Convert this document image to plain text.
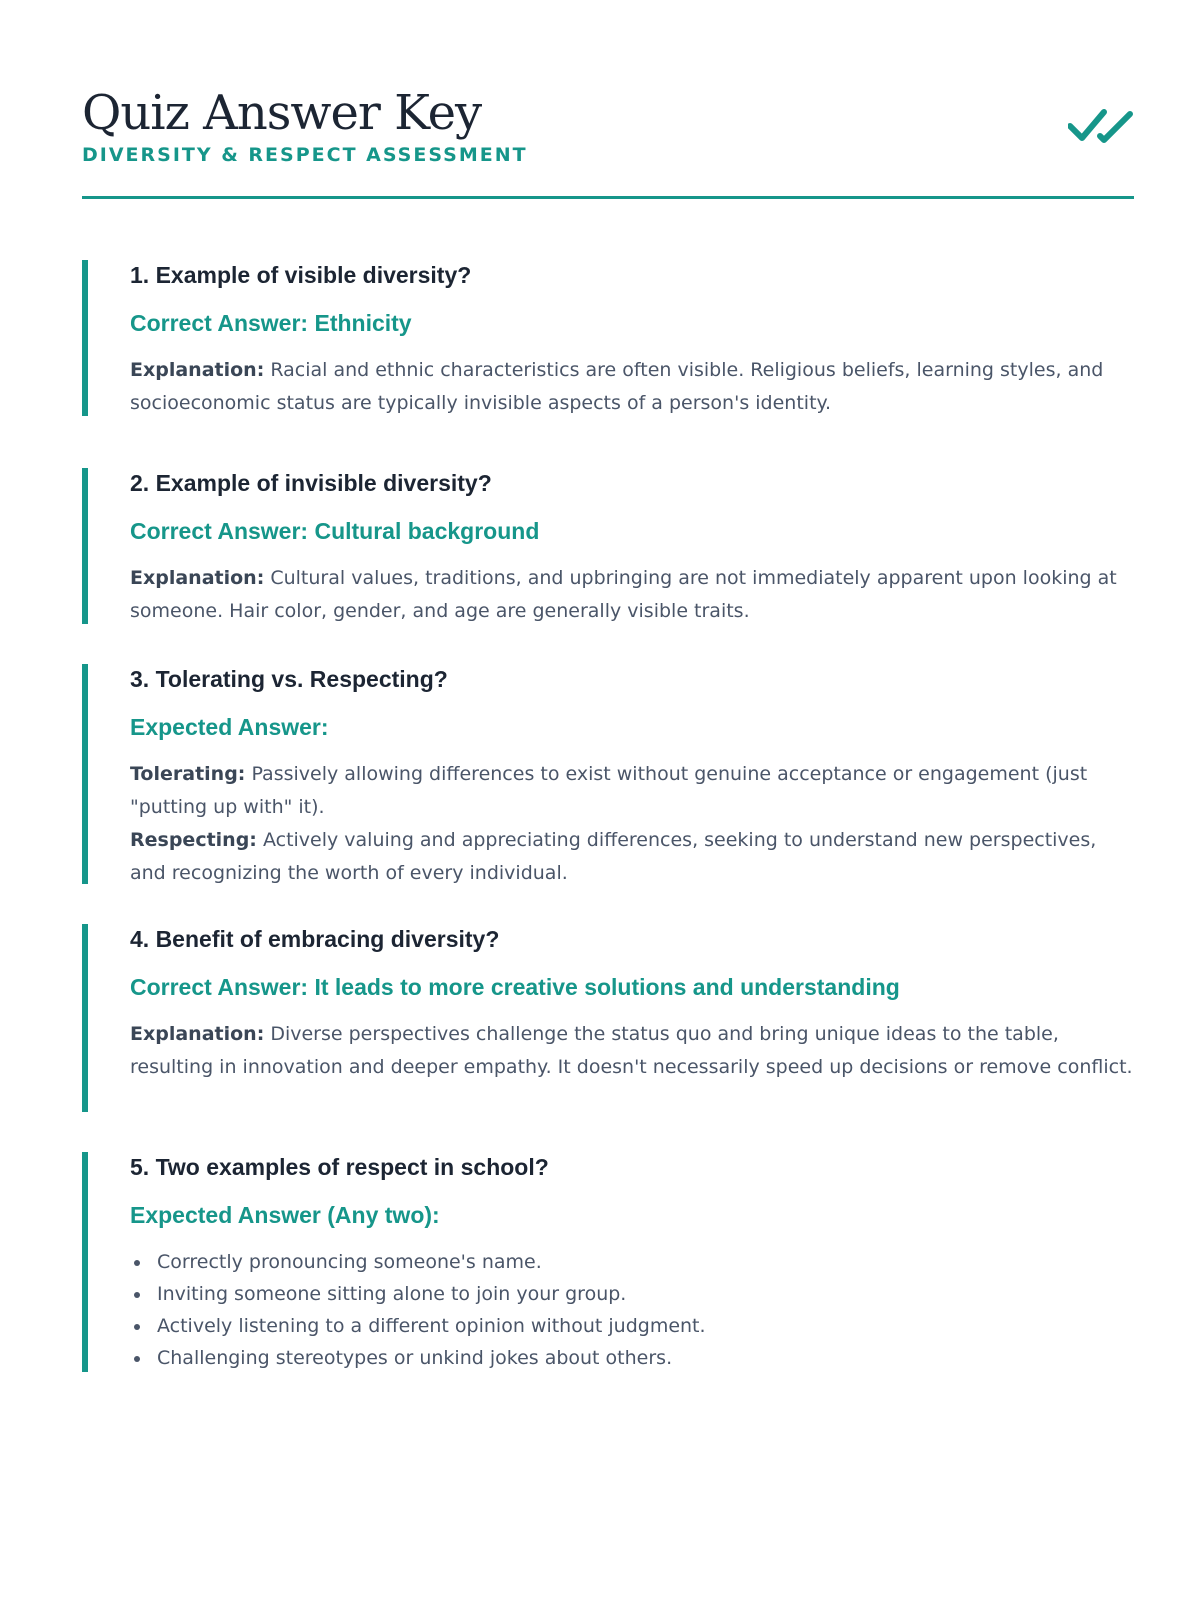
Quiz Answer Key
DIVERSITY & RESPECT ASSESSMENT
1. Example of visible diversity?
Correct Answer: Ethnicity
Explanation: Racial and ethnic characteristics are often visible. Religious beliefs, learning styles, and socioeconomic status are typically invisible aspects of a person's identity.
2. Example of invisible diversity?
Correct Answer: Cultural background
Explanation: Cultural values, traditions, and upbringing are not immediately apparent upon looking at someone. Hair color, gender, and age are generally visible traits.
3. Tolerating vs. Respecting?
Expected Answer:
Tolerating: Passively allowing differences to exist without genuine acceptance or engagement (just "putting up with" it).
Respecting: Actively valuing and appreciating differences, seeking to understand new perspectives, and recognizing the worth of every individual.
4. Benefit of embracing diversity?
Correct Answer: It leads to more creative solutions and understanding
Explanation: Diverse perspectives challenge the status quo and bring unique ideas to the table, resulting in innovation and deeper empathy. It doesn't necessarily speed up decisions or remove conflict.
5. Two examples of respect in school?
Expected Answer (Any two):
Correctly pronouncing someone's name.
Inviting someone sitting alone to join your group.
Actively listening to a different opinion without judgment.
Challenging stereotypes or unkind jokes about others.
